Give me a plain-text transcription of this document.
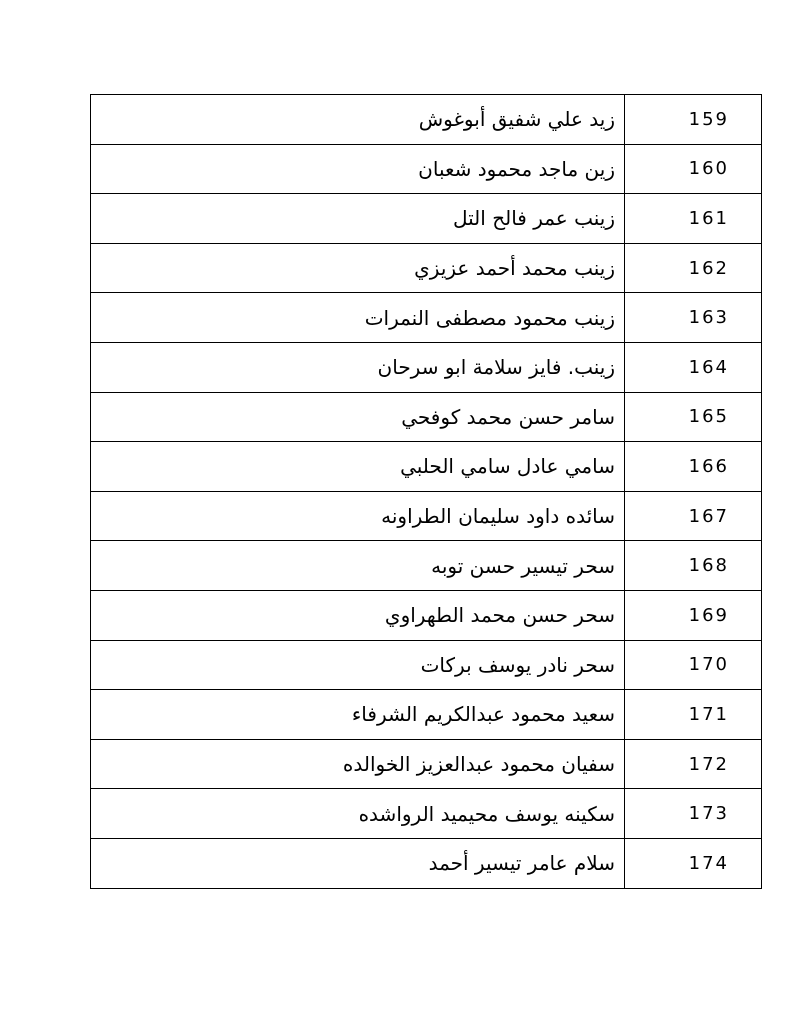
زيد علي شفيق أبوغوش	159
زين ماجد محمود شعبان	160
زينب عمر فالح التل	161
زينب محمد أحمد عزيزي	162
زينب محمود مصطفى النمرات	163
زينب. فايز سلامة ابو سرحان	164
سامر حسن محمد كوفحي	165
سامي عادل سامي الحلبي	166
سائده داود سليمان الطراونه	167
سحر تيسير حسن توبه	168
سحر حسن محمد الطهراوي	169
سحر نادر يوسف بركات	170
سعيد محمود عبدالكريم الشرفاء	171
سفيان محمود عبدالعزيز الخوالده	172
سكينه يوسف محيميد الرواشده	173
سلام عامر تيسير أحمد	174
